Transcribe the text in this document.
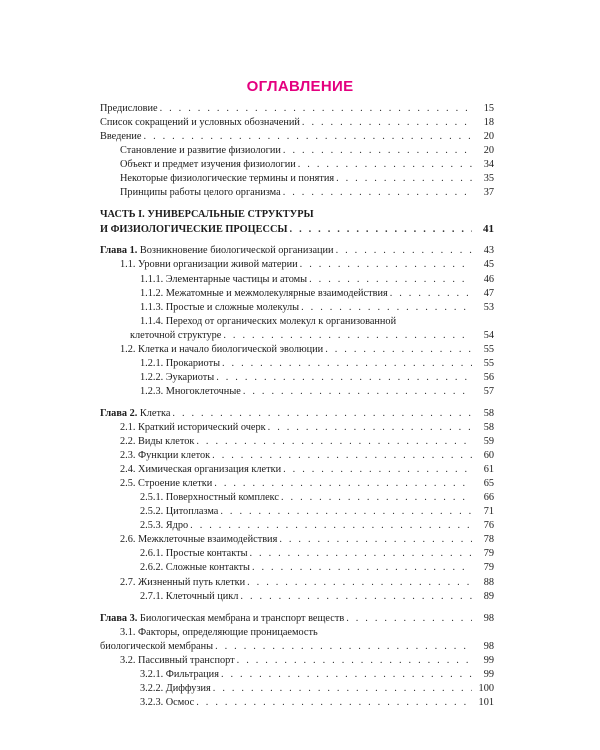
ОГЛАВЛЕНИЕ
Предисловие . . .	15
Список сокращений и условных обозначений . . .	18
Введение . . .	20
Становление и развитие физиологии . . .	20
Объект и предмет изучения физиологии . . .	34
Некоторые физиологические термины и понятия . . .	35
Принципы работы целого организма . . .	37
ЧАСТЬ I. УНИВЕРСАЛЬНЫЕ СТРУКТУРЫ
И ФИЗИОЛОГИЧЕСКИЕ ПРОЦЕССЫ . . .	41
Глава 1. Возникновение биологической организации . . .	43
1.1. Уровни организации живой материи . . .	45
1.1.1. Элементарные частицы и атомы . . .	46
1.1.2. Межатомные и межмолекулярные взаимодействия . . .	47
1.1.3. Простые и сложные молекулы . . .	53
1.1.4. Переход от органических молекул к организованной
клеточной структуре . . .	54
1.2. Клетка и начало биологической эволюции . . .	55
1.2.1. Прокариоты . . .	55
1.2.2. Эукариоты . . .	56
1.2.3. Многоклеточные . . .	57
Глава 2. Клетка . . .	58
2.1. Краткий исторический очерк . . .	58
2.2. Виды клеток . . .	59
2.3. Функции клеток . . .	60
2.4. Химическая организация клетки . . .	61
2.5. Строение клетки . . .	65
2.5.1. Поверхностный комплекс . . .	66
2.5.2. Цитоплазма . . .	71
2.5.3. Ядро . . .	76
2.6. Межклеточные взаимодействия . . .	78
2.6.1. Простые контакты . . .	79
2.6.2. Сложные контакты . . .	79
2.7. Жизненный путь клетки . . .	88
2.7.1. Клеточный цикл . . .	89
Глава 3. Биологическая мембрана и транспорт веществ . . .	98
3.1. Факторы, определяющие проницаемость
биологической мембраны . . .	98
3.2. Пассивный транспорт . . .	99
3.2.1. Фильтрация . . .	99
3.2.2. Диффузия . . .	100
3.2.3. Осмос . . .	101
